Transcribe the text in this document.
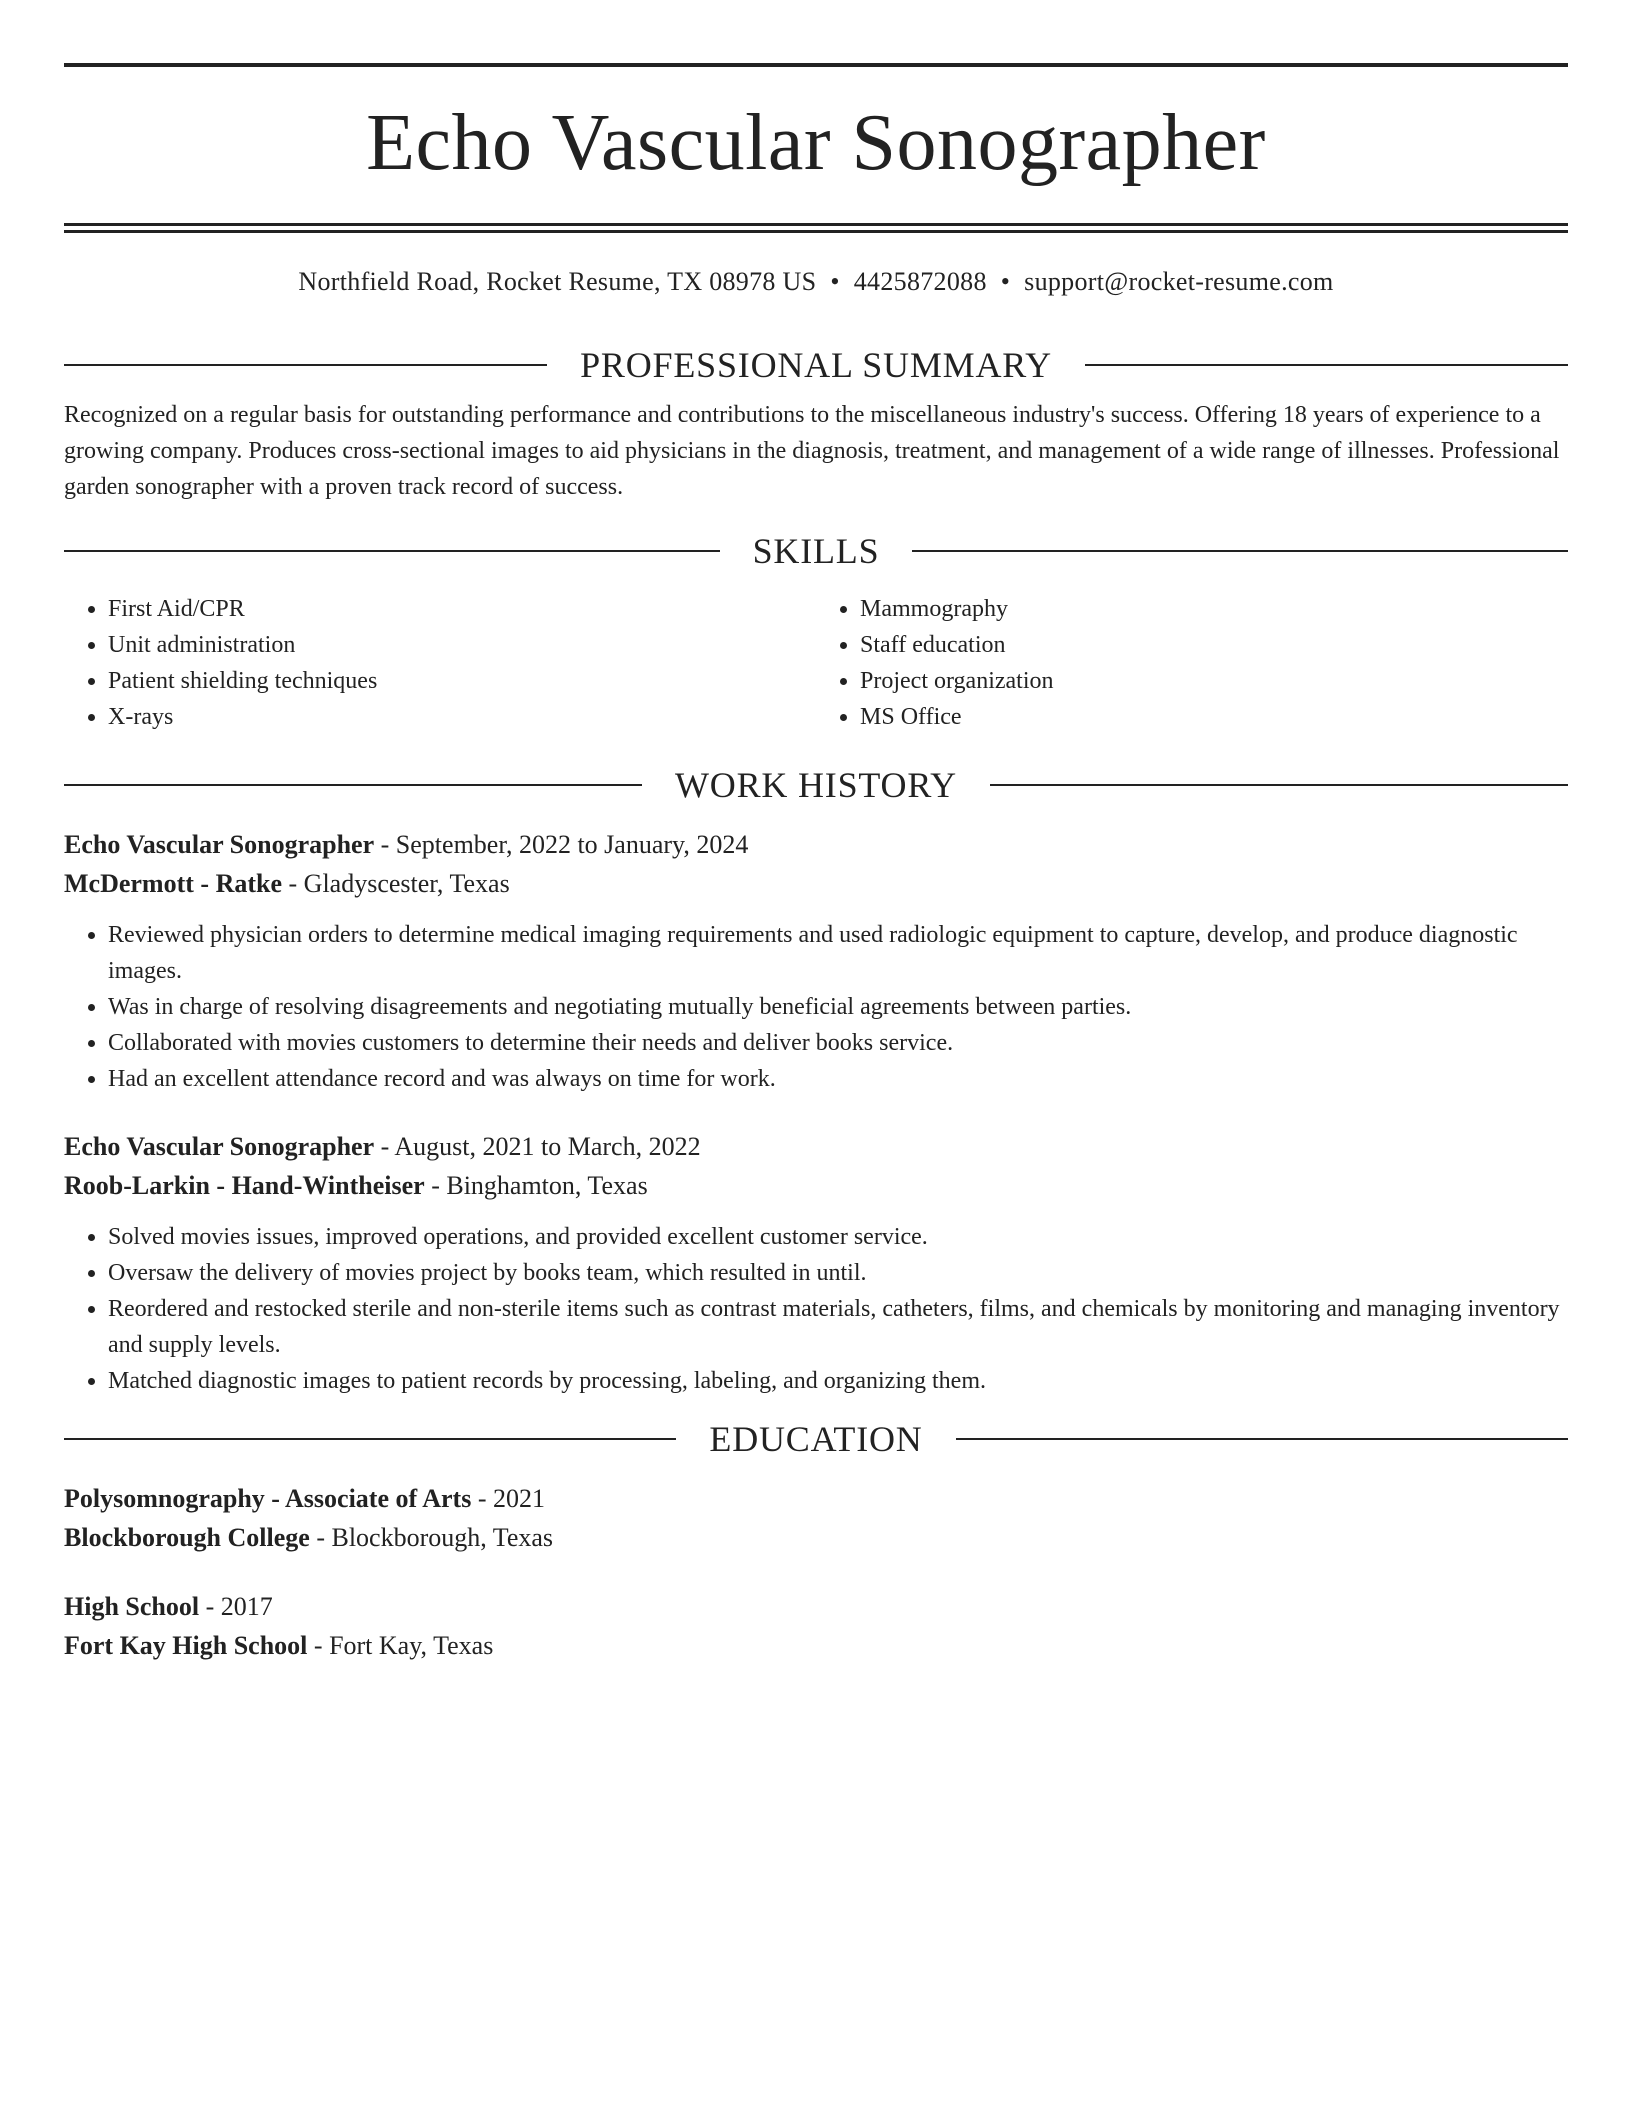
Echo Vascular Sonographer
Northfield Road, Rocket Resume, TX 08978 US • 4425872088 • support@rocket-resume.com
PROFESSIONAL SUMMARY

Recognized on a regular basis for outstanding performance and contributions to the miscellaneous industry's success. Offering 18 years of experience to a growing company. Produces cross-sectional images to aid physicians in the diagnosis, treatment, and management of a wide range of illnesses. Professional garden sonographer with a proven track record of success.

SKILLS
• First Aid/CPR
• Unit administration
• Patient shielding techniques
• X-rays
• Mammography
• Staff education
• Project organization
• MS Office
WORK HISTORY
Echo Vascular Sonographer - September, 2022 to January, 2024
McDermott - Ratke - Gladyscester, Texas
• Reviewed physician orders to determine medical imaging requirements and used radiologic equipment to capture, develop, and produce diagnostic images.
• Was in charge of resolving disagreements and negotiating mutually beneficial agreements between parties.
• Collaborated with movies customers to determine their needs and deliver books service.
• Had an excellent attendance record and was always on time for work.
Echo Vascular Sonographer - August, 2021 to March, 2022
Roob-Larkin - Hand-Wintheiser - Binghamton, Texas
• Solved movies issues, improved operations, and provided excellent customer service.
• Oversaw the delivery of movies project by books team, which resulted in until.
• Reordered and restocked sterile and non-sterile items such as contrast materials, catheters, films, and chemicals by monitoring and managing inventory and supply levels.
• Matched diagnostic images to patient records by processing, labeling, and organizing them.
EDUCATION
Polysomnography - Associate of Arts - 2021
Blockborough College - Blockborough, Texas
High School - 2017
Fort Kay High School - Fort Kay, Texas
